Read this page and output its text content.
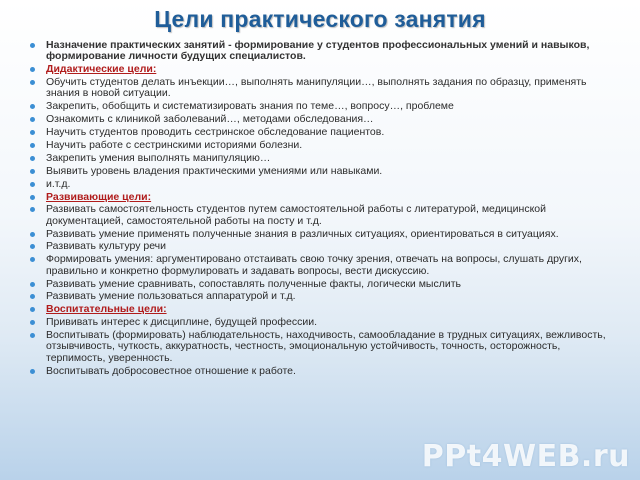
Цели практического занятия
Назначение практических занятий - формирование у студентов профессиональных умений и навыков, формирование личности будущих специалистов.
Дидактические цели:
Обучить студентов делать инъекции…, выполнять манипуляции…, выполнять задания по образцу, применять знания в новой ситуации.
Закрепить, обобщить и систематизировать знания по теме…, вопросу…, проблеме
Ознакомить с клиникой заболеваний…, методами обследования…
Научить студентов проводить сестринское обследование пациентов.
Научить работе с сестринскими историями болезни.
Закрепить умения выполнять манипуляцию…
Выявить уровень владения практическими умениями или навыками.
и.т.д.
Развивающие цели:
Развивать самостоятельность студентов путем самостоятельной работы с литературой, медицинской документацией, самостоятельной работы на посту и т.д.
Развивать умение применять полученные знания в различных ситуациях, ориентироваться в ситуациях.
Развивать культуру речи
Формировать умения: аргументировано отстаивать свою точку зрения, отвечать на вопросы, слушать других, правильно и конкретно формулировать и задавать вопросы, вести дискуссию.
Развивать умение сравнивать, сопоставлять полученные факты, логически мыслить
Развивать умение пользоваться аппаратурой и т.д.
Воспитательные цели:
Прививать интерес к дисциплине, будущей профессии.
Воспитывать (формировать) наблюдательность, находчивость, самообладание в трудных ситуациях, вежливость, отзывчивость, чуткость, аккуратность, честность, эмоциональную устойчивость, точность, осторожность, терпимость, уверенность.
Воспитывать добросовестное отношение к работе.
PPt4WEB.ru
